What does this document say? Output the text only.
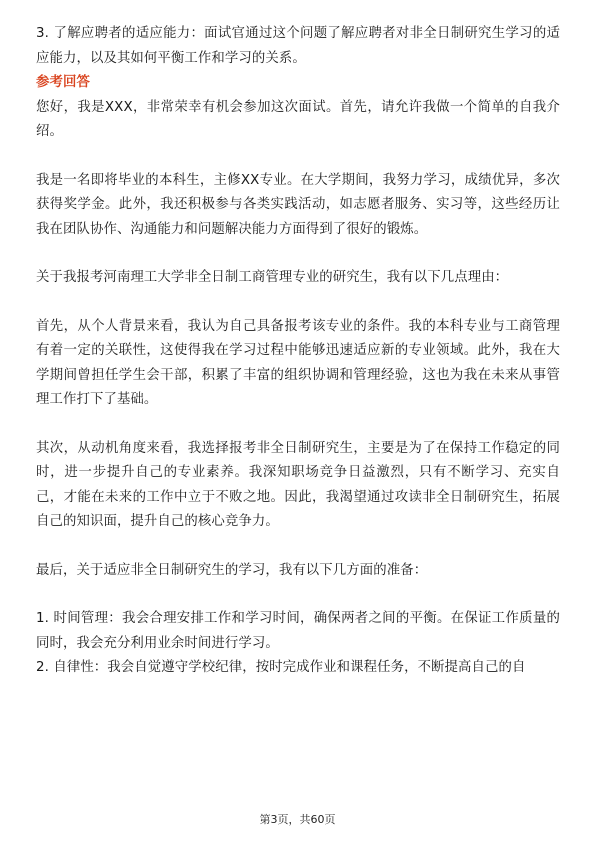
3. 了解应聘者的适应能力：面试官通过这个问题了解应聘者对非全日制研究生学习的适应能力，以及其如何平衡工作和学习的关系。

参考回答

您好，我是XXX，非常荣幸有机会参加这次面试。首先，请允许我做一个简单的自我介绍。

我是一名即将毕业的本科生，主修XX专业。在大学期间，我努力学习，成绩优异，多次获得奖学金。此外，我还积极参与各类实践活动，如志愿者服务、实习等，这些经历让我在团队协作、沟通能力和问题解决能力方面得到了很好的锻炼。

关于我报考河南理工大学非全日制工商管理专业的研究生，我有以下几点理由：

首先，从个人背景来看，我认为自己具备报考该专业的条件。我的本科专业与工商管理有着一定的关联性，这使得我在学习过程中能够迅速适应新的专业领域。此外，我在大学期间曾担任学生会干部，积累了丰富的组织协调和管理经验，这也为我在未来从事管理工作打下了基础。

其次，从动机角度来看，我选择报考非全日制研究生，主要是为了在保持工作稳定的同时，进一步提升自己的专业素养。我深知职场竞争日益激烈，只有不断学习、充实自己，才能在未来的工作中立于不败之地。因此，我渴望通过攻读非全日制研究生，拓展自己的知识面，提升自己的核心竞争力。

最后，关于适应非全日制研究生的学习，我有以下几方面的准备：

1. 时间管理：我会合理安排工作和学习时间，确保两者之间的平衡。在保证工作质量的同时，我会充分利用业余时间进行学习。

2. 自律性：我会自觉遵守学校纪律，按时完成作业和课程任务，不断提高自己的自

第3页，共60页
